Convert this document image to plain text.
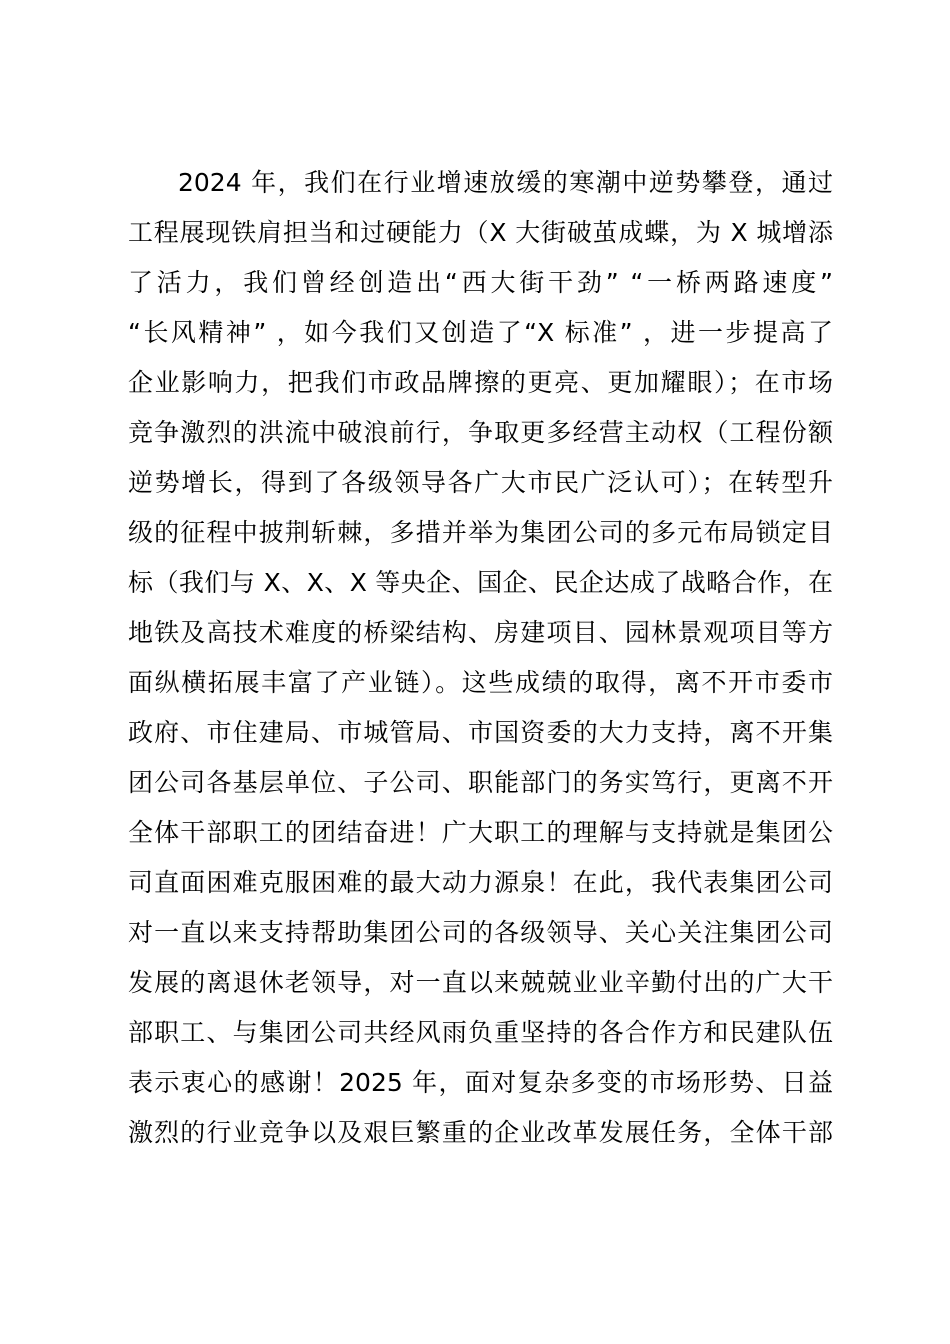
2024 年，我们在行业增速放缓的寒潮中逆势攀登，通过
工程展现铁肩担当和过硬能力（X 大街破茧成蝶，为 X 城增添
了活力，我们曾经创造出“西大街干劲” “一桥两路速度”
“长风精神” ，如今我们又创造了“X 标准” ，进一步提高了
企业影响力，把我们市政品牌擦的更亮、更加耀眼）；在市场
竞争激烈的洪流中破浪前行，争取更多经营主动权（工程份额
逆势增长，得到了各级领导各广大市民广泛认可）；在转型升
级的征程中披荆斩棘，多措并举为集团公司的多元布局锁定目
标（我们与 X、X、X 等央企、国企、民企达成了战略合作，在
地铁及高技术难度的桥梁结构、房建项目、园林景观项目等方
面纵横拓展丰富了产业链）。这些成绩的取得，离不开市委市
政府、市住建局、市城管局、市国资委的大力支持，离不开集
团公司各基层单位、子公司、职能部门的务实笃行，更离不开
全体干部职工的团结奋进！广大职工的理解与支持就是集团公
司直面困难克服困难的最大动力源泉！在此，我代表集团公司
对一直以来支持帮助集团公司的各级领导、关心关注集团公司
发展的离退休老领导，对一直以来兢兢业业辛勤付出的广大干
部职工、与集团公司共经风雨负重坚持的各合作方和民建队伍
表示衷心的感谢！2025 年，面对复杂多变的市场形势、日益
激烈的行业竞争以及艰巨繁重的企业改革发展任务，全体干部
